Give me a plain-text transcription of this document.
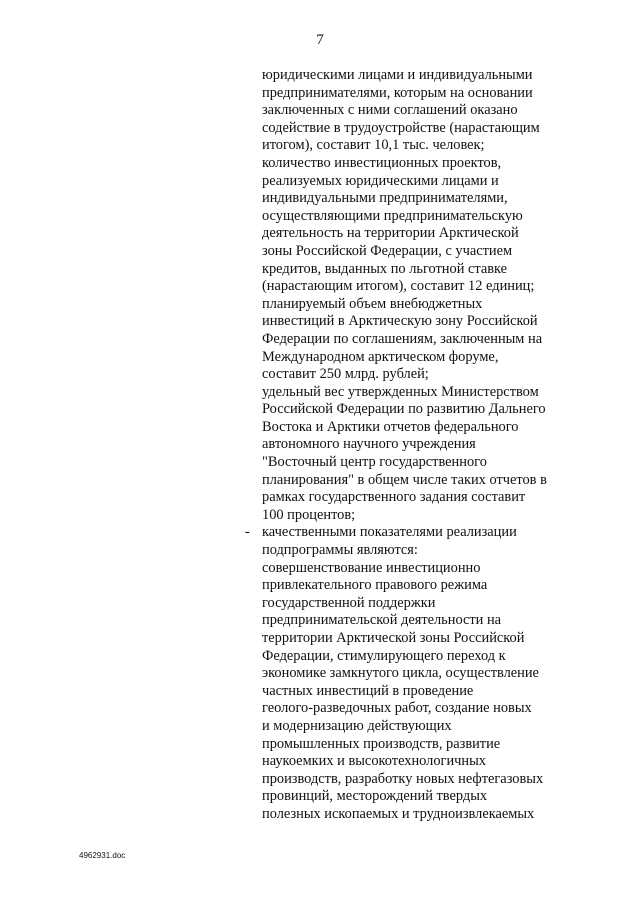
7
юридическими лицами и индивидуальными
предпринимателями, которым на основании
заключенных с ними соглашений оказано
содействие в трудоустройстве (нарастающим
итогом), составит 10,1 тыс. человек;
количество инвестиционных проектов,
реализуемых юридическими лицами и
индивидуальными предпринимателями,
осуществляющими предпринимательскую
деятельность на территории Арктической
зоны Российской Федерации, с участием
кредитов, выданных по льготной ставке
(нарастающим итогом), составит 12 единиц;
планируемый объем внебюджетных
инвестиций в Арктическую зону Российской
Федерации по соглашениям, заключенным на
Международном арктическом форуме,
составит 250 млрд. рублей;
удельный вес утвержденных Министерством
Российской Федерации по развитию Дальнего
Востока и Арктики отчетов федерального
автономного научного учреждения
"Восточный центр государственного
планирования" в общем числе таких отчетов в
рамках государственного задания составит
100 процентов;
- качественными показателями реализации
подпрограммы являются:
совершенствование инвестиционно
привлекательного правового режима
государственной поддержки
предпринимательской деятельности на
территории Арктической зоны Российской
Федерации, стимулирующего переход к
экономике замкнутого цикла, осуществление
частных инвестиций в проведение
геолого-разведочных работ, создание новых
и модернизацию действующих
промышленных производств, развитие
наукоемких и высокотехнологичных
производств, разработку новых нефтегазовых
провинций, месторождений твердых
полезных ископаемых и трудноизвлекаемых
4962931.doc
